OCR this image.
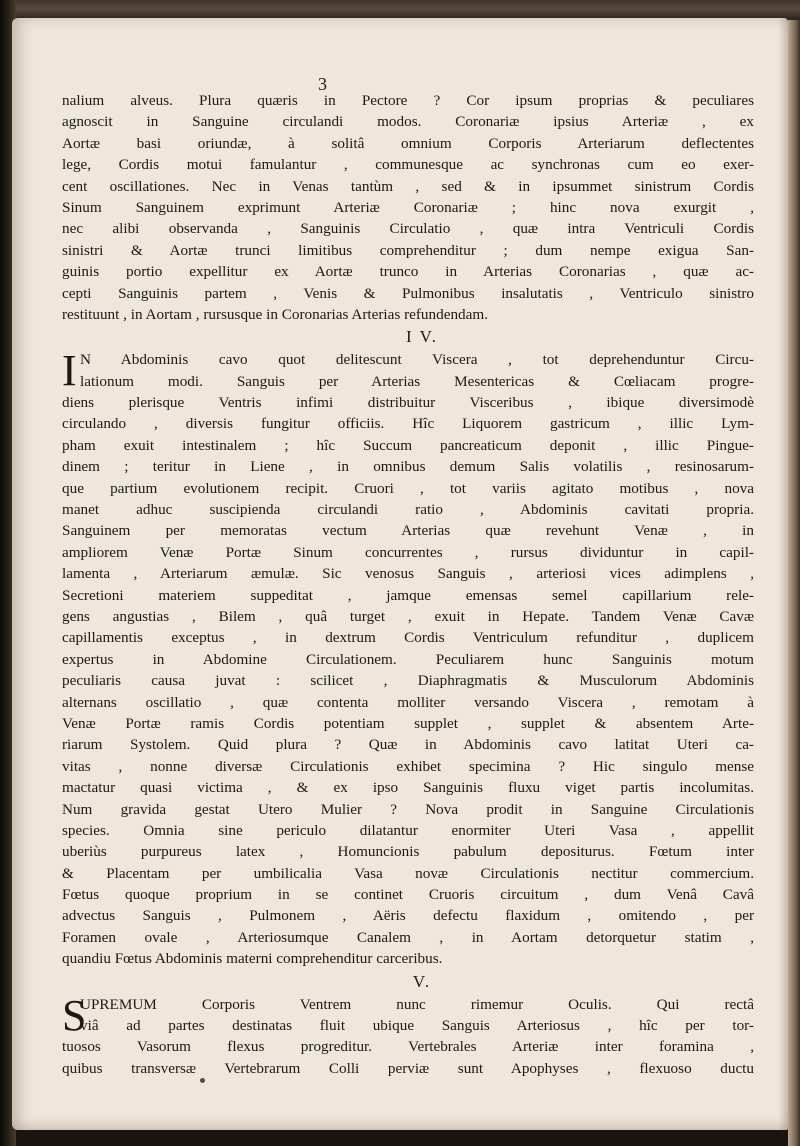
3
nalium alveus. Plura quæris in Pectore ? Cor ipsum proprias & peculiares
agnoscit in Sanguine circulandi modos. Coronariæ ipsius Arteriæ , ex
Aortæ basi oriundæ, à solitâ omnium Corporis Arteriarum deflectentes
lege, Cordis motui famulantur , communesque ac synchronas cum eo exer-
cent oscillationes. Nec in Venas tantùm , sed & in ipsummet sinistrum Cordis
Sinum Sanguinem exprimunt Arteriæ Coronariæ ; hinc nova exurgit ,
nec alibi observanda , Sanguinis Circulatio , quæ intra Ventriculi Cordis
sinistri & Aortæ trunci limitibus comprehenditur ; dum nempe exigua San-
guinis portio expellitur ex Aortæ trunco in Arterias Coronarias , quæ ac-
cepti Sanguinis partem , Venis & Pulmonibus insalutatis , Ventriculo sinistro
restituunt , in Aortam , rursusque in Coronarias Arterias refundendam.
I V.
I N Abdominis cavo quot delitescunt Viscera , tot deprehenduntur Circu-
lationum modi. Sanguis per Arterias Mesentericas & Cœliacam progre-
diens plerisque Ventris infimi distribuitur Visceribus , ibique diversimodè
circulando , diversis fungitur officiis. Hîc Liquorem gastricum , illic Lym-
pham exuit intestinalem ; hîc Succum pancreaticum deponit , illic Pingue-
dinem ; teritur in Liene , in omnibus demum Salis volatilis , resinosarum-
que partium evolutionem recipit. Cruori , tot variis agitato motibus , nova
manet adhuc suscipienda circulandi ratio , Abdominis cavitati propria.
Sanguinem per memoratas vectum Arterias quæ revehunt Venæ , in
ampliorem Venæ Portæ Sinum concurrentes , rursus dividuntur in capil-
lamenta , Arteriarum æmulæ. Sic venosus Sanguis , arteriosi vices adimplens ,
Secretioni materiem suppeditat , jamque emensas semel capillarium rele-
gens angustias , Bilem , quâ turget , exuit in Hepate. Tandem Venæ Cavæ
capillamentis exceptus , in dextrum Cordis Ventriculum refunditur , duplicem
expertus in Abdomine Circulationem. Peculiarem hunc Sanguinis motum
peculiaris causa juvat : scilicet , Diaphragmatis & Musculorum Abdominis
alternans oscillatio , quæ contenta molliter versando Viscera , remotam à
Venæ Portæ ramis Cordis potentiam supplet , supplet & absentem Arte-
riarum Systolem. Quid plura ? Quæ in Abdominis cavo latitat Uteri ca-
vitas , nonne diversæ Circulationis exhibet specimina ? Hic singulo mense
mactatur quasi victima , & ex ipso Sanguinis fluxu viget partis incolumitas.
Num gravida gestat Utero Mulier ? Nova prodit in Sanguine Circulationis
species. Omnia sine periculo dilatantur enormiter Uteri Vasa , appellit
uberiùs purpureus latex , Homuncionis pabulum depositurus. Fœtum inter
& Placentam per umbilicalia Vasa novæ Circulationis nectitur commercium.
Fœtus quoque proprium in se continet Cruoris circuitum , dum Venâ Cavâ
advectus Sanguis , Pulmonem , Aëris defectu flaxidum , omitendo , per
Foramen ovale , Arteriosumque Canalem , in Aortam detorquetur statim ,
quandiu Fœtus Abdominis materni comprehenditur carceribus.
V.
S
UPREMUM Corporis Ventrem nunc rimemur Oculis. Qui rectâ
viâ ad partes destinatas fluit ubique Sanguis Arteriosus , hîc per tor-
tuosos Vasorum flexus progreditur. Vertebrales Arteriæ inter foramina ,
quibus transversæ Vertebrarum Colli perviæ sunt Apophyses , flexuoso ductu
